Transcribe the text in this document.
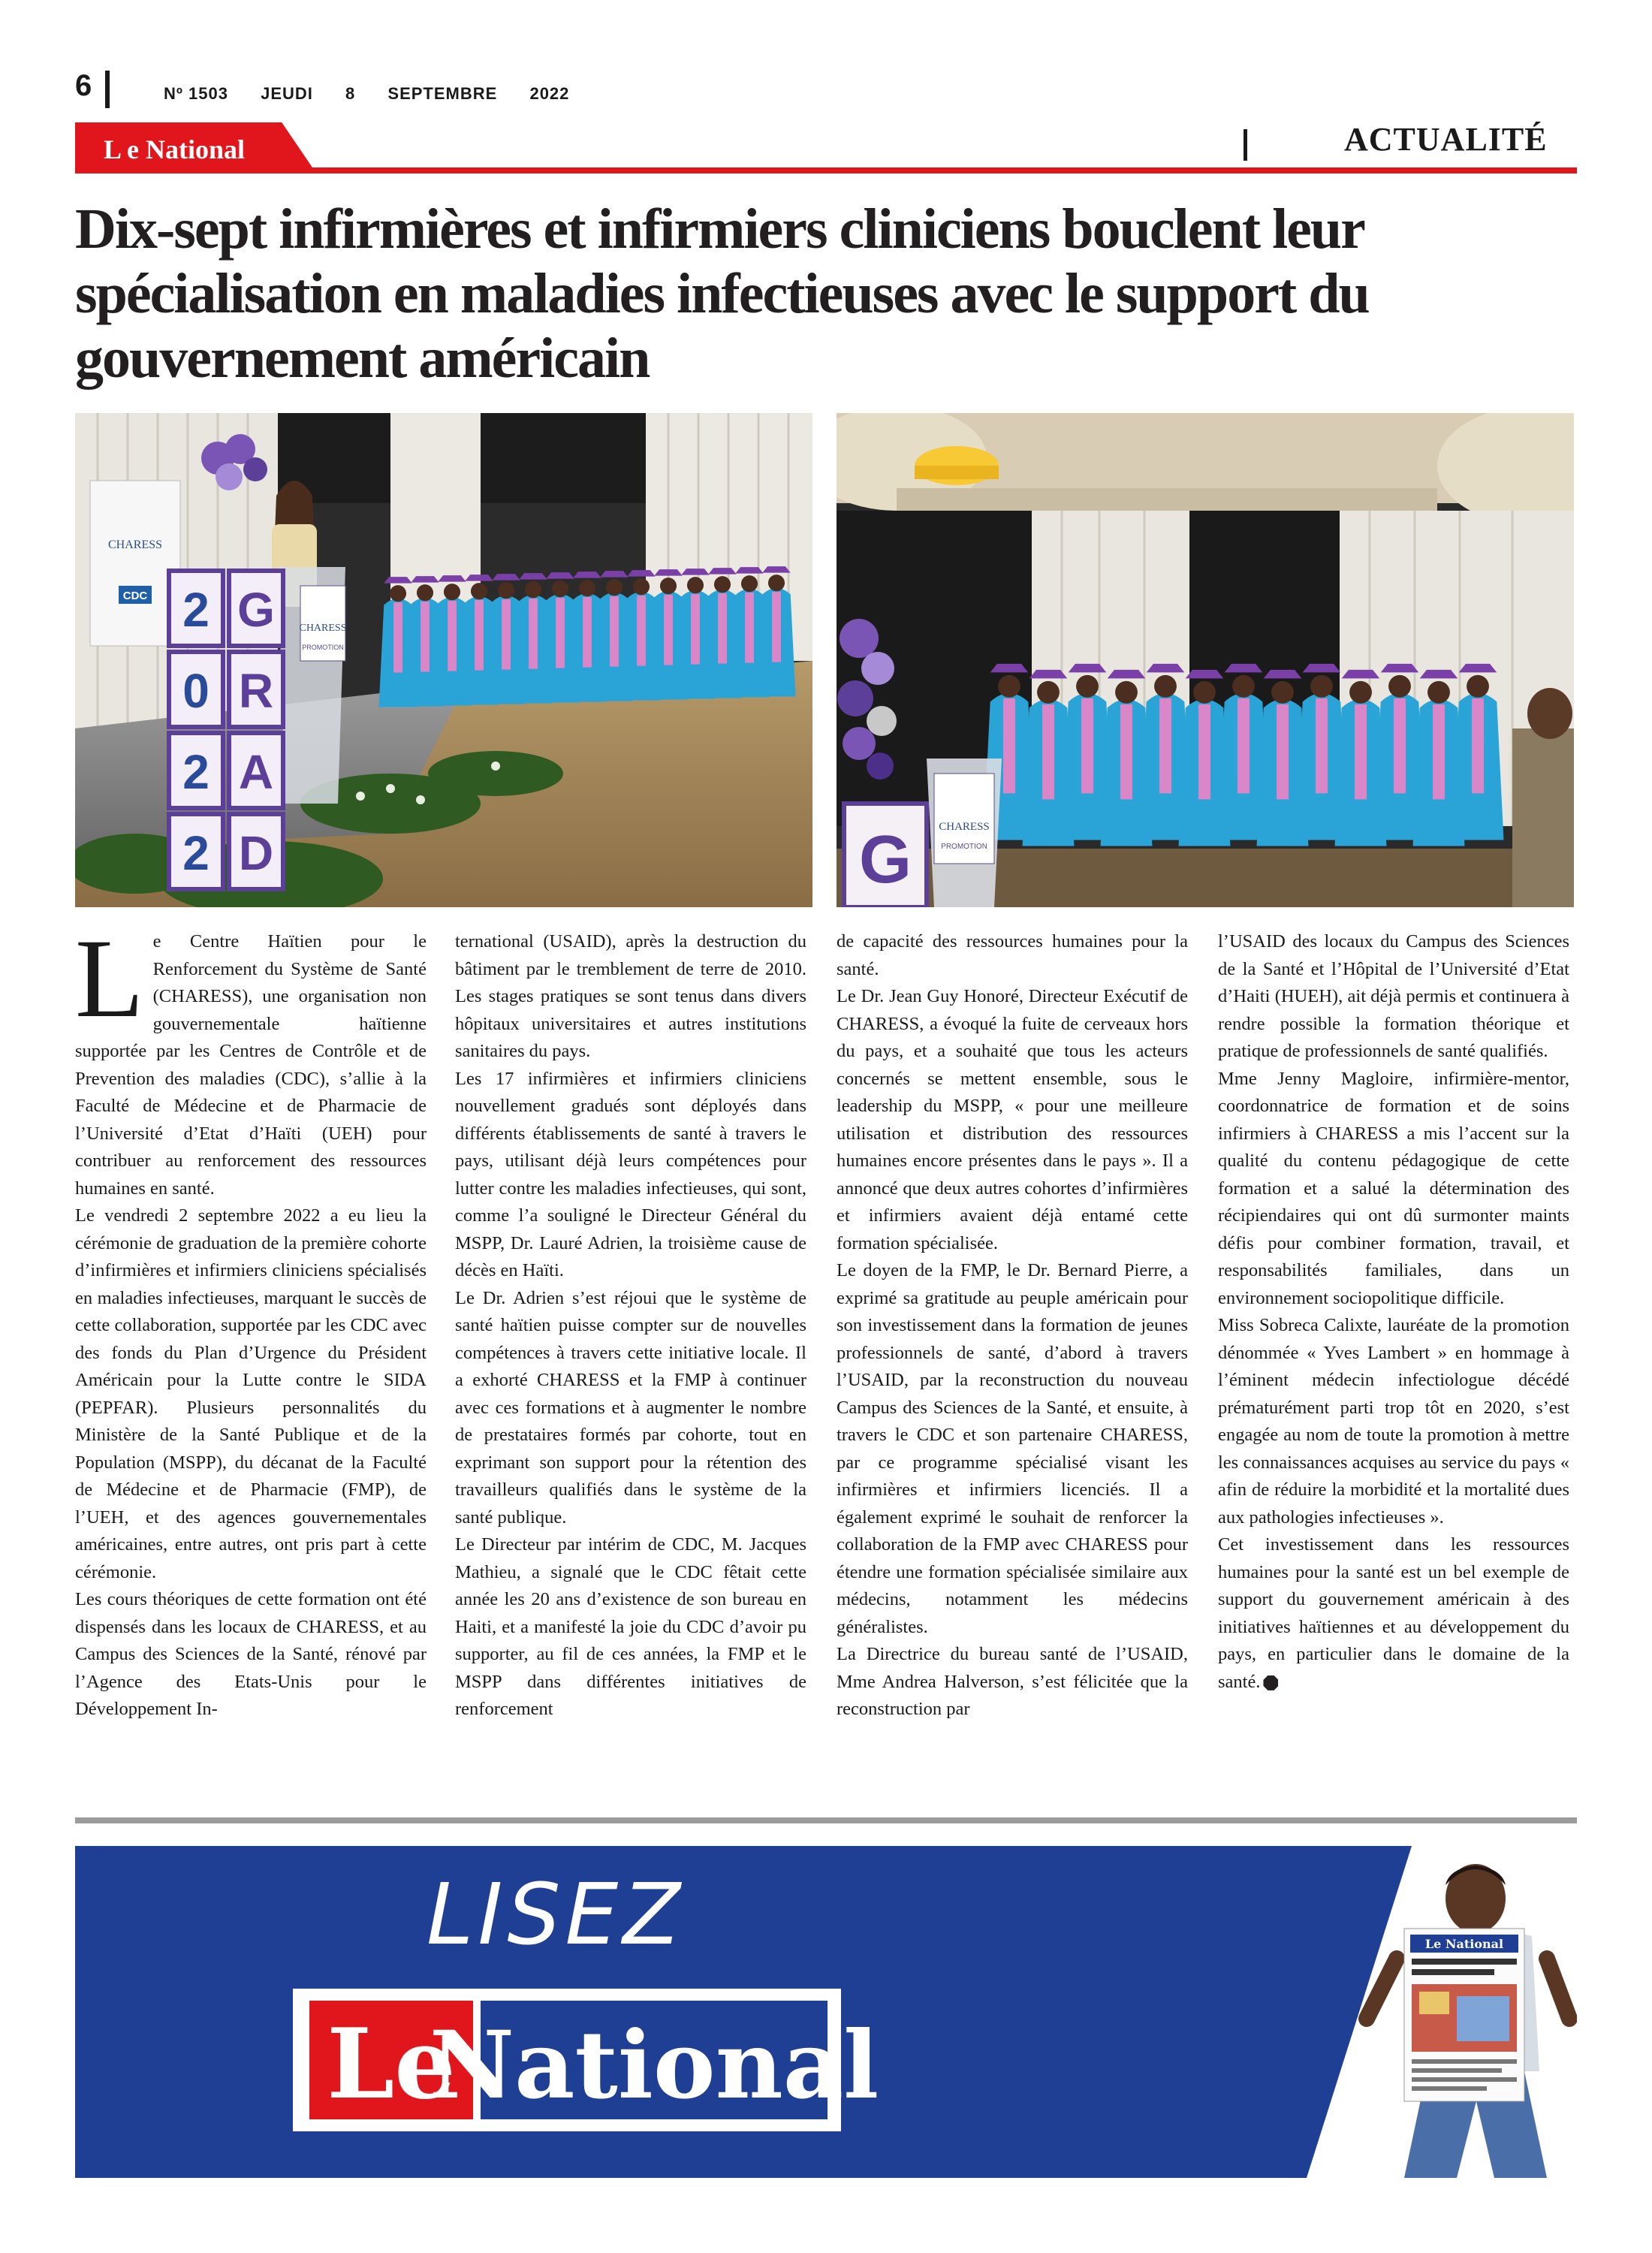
6	Nº 1503 JEUDI 8 SEPTEMBRE 2022
L e National	ACTUALITÉ
Dix-sept infirmières et infirmiers cliniciens bouclent leur spécialisation en maladies infectieuses avec le support du gouvernement américain
CHARESS
CDC
CHARESS
PROMOTION
2 G
0 R
2 A
2 D	CHARESS
PROMOTION
G
L e Centre Haïtien pour le Renforcement du Système de Santé (CHARESS), une organisation non gouvernementale haïtienne supportée par les Centres de Contrôle et de Prevention des maladies (CDC), s’allie à la Faculté de Médecine et de Pharmacie de l’Université d’Etat d’Haïti (UEH) pour contribuer au renforcement des ressources humaines en santé.

Le vendredi 2 septembre 2022 a eu lieu la cérémonie de graduation de la première cohorte d’infirmières et infirmiers cliniciens spécialisés en maladies infectieuses, marquant le succès de cette collaboration, supportée par les CDC avec des fonds du Plan d’Urgence du Président Américain pour la Lutte contre le SIDA (PEPFAR). Plusieurs personnalités du Ministère de la Santé Publique et de la Population (MSPP), du décanat de la Faculté de Médecine et de Pharmacie (FMP), de l’UEH, et des agences gouvernementales américaines, entre autres, ont pris part à cette cérémonie.

Les cours théoriques de cette formation ont été dispensés dans les locaux de CHARESS, et au Campus des Sciences de la Santé, rénové par l’Agence des Etats-Unis pour le Développement In-

ternational (USAID), après la destruction du bâtiment par le tremblement de terre de 2010. Les stages pratiques se sont tenus dans divers hôpitaux universitaires et autres institutions sanitaires du pays.

Les 17 infirmières et infirmiers cliniciens nouvellement gradués sont déployés dans différents établissements de santé à travers le pays, utilisant déjà leurs compétences pour lutter contre les maladies infectieuses, qui sont, comme l’a souligné le Directeur Général du MSPP, Dr. Lauré Adrien, la troisième cause de décès en Haïti.

Le Dr. Adrien s’est réjoui que le système de santé haïtien puisse compter sur de nouvelles compétences à travers cette initiative locale. Il a exhorté CHARESS et la FMP à continuer avec ces formations et à augmenter le nombre de prestataires formés par cohorte, tout en exprimant son support pour la rétention des travailleurs qualifiés dans le système de la santé publique.

Le Directeur par intérim de CDC, M. Jacques Mathieu, a signalé que le CDC fêtait cette année les 20 ans d’existence de son bureau en Haiti, et a manifesté la joie du CDC d’avoir pu supporter, au fil de ces années, la FMP et le MSPP dans différentes initiatives de renforcement

de capacité des ressources humaines pour la santé.

Le Dr. Jean Guy Honoré, Directeur Exécutif de CHARESS, a évoqué la fuite de cerveaux hors du pays, et a souhaité que tous les acteurs concernés se mettent ensemble, sous le leadership du MSPP, « pour une meilleure utilisation et distribution des ressources humaines encore présentes dans le pays ». Il a annoncé que deux autres cohortes d’infirmières et infirmiers avaient déjà entamé cette formation spécialisée.

Le doyen de la FMP, le Dr. Bernard Pierre, a exprimé sa gratitude au peuple américain pour son investissement dans la formation de jeunes professionnels de santé, d’abord à travers l’USAID, par la reconstruction du nouveau Campus des Sciences de la Santé, et ensuite, à travers le CDC et son partenaire CHARESS, par ce programme spécialisé visant les infirmières et infirmiers licenciés. Il a également exprimé le souhait de renforcer la collaboration de la FMP avec CHARESS pour étendre une formation spécialisée similaire aux médecins, notamment les médecins généralistes.

La Directrice du bureau santé de l’USAID, Mme Andrea Halverson, s’est félicitée que la reconstruction par

l’USAID des locaux du Campus des Sciences de la Santé et l’Hôpital de l’Université d’Etat d’Haiti (HUEH), ait déjà permis et continuera à rendre possible la formation théorique et pratique de professionnels de santé qualifiés.

Mme Jenny Magloire, infirmière-mentor, coordonnatrice de formation et de soins infirmiers à CHARESS a mis l’accent sur la qualité du contenu pédagogique de cette formation et a salué la détermination des récipiendaires qui ont dû surmonter maints défis pour combiner formation, travail, et responsabilités familiales, dans un environnement sociopolitique difficile.

Miss Sobreca Calixte, lauréate de la promotion dénommée « Yves Lambert » en hommage à l’éminent médecin infectiologue décédé prématurément parti trop tôt en 2020, s’est engagée au nom de toute la promotion à mettre les connaissances acquises au service du pays « afin de réduire la morbidité et la mortalité dues aux pathologies infectieuses ».

Cet investissement dans les ressources humaines pour la santé est un bel exemple de support du gouvernement américain à des initiatives haïtiennes et au développement du pays, en particulier dans le domaine de la santé.

LISEZ
Le
National
Le National
